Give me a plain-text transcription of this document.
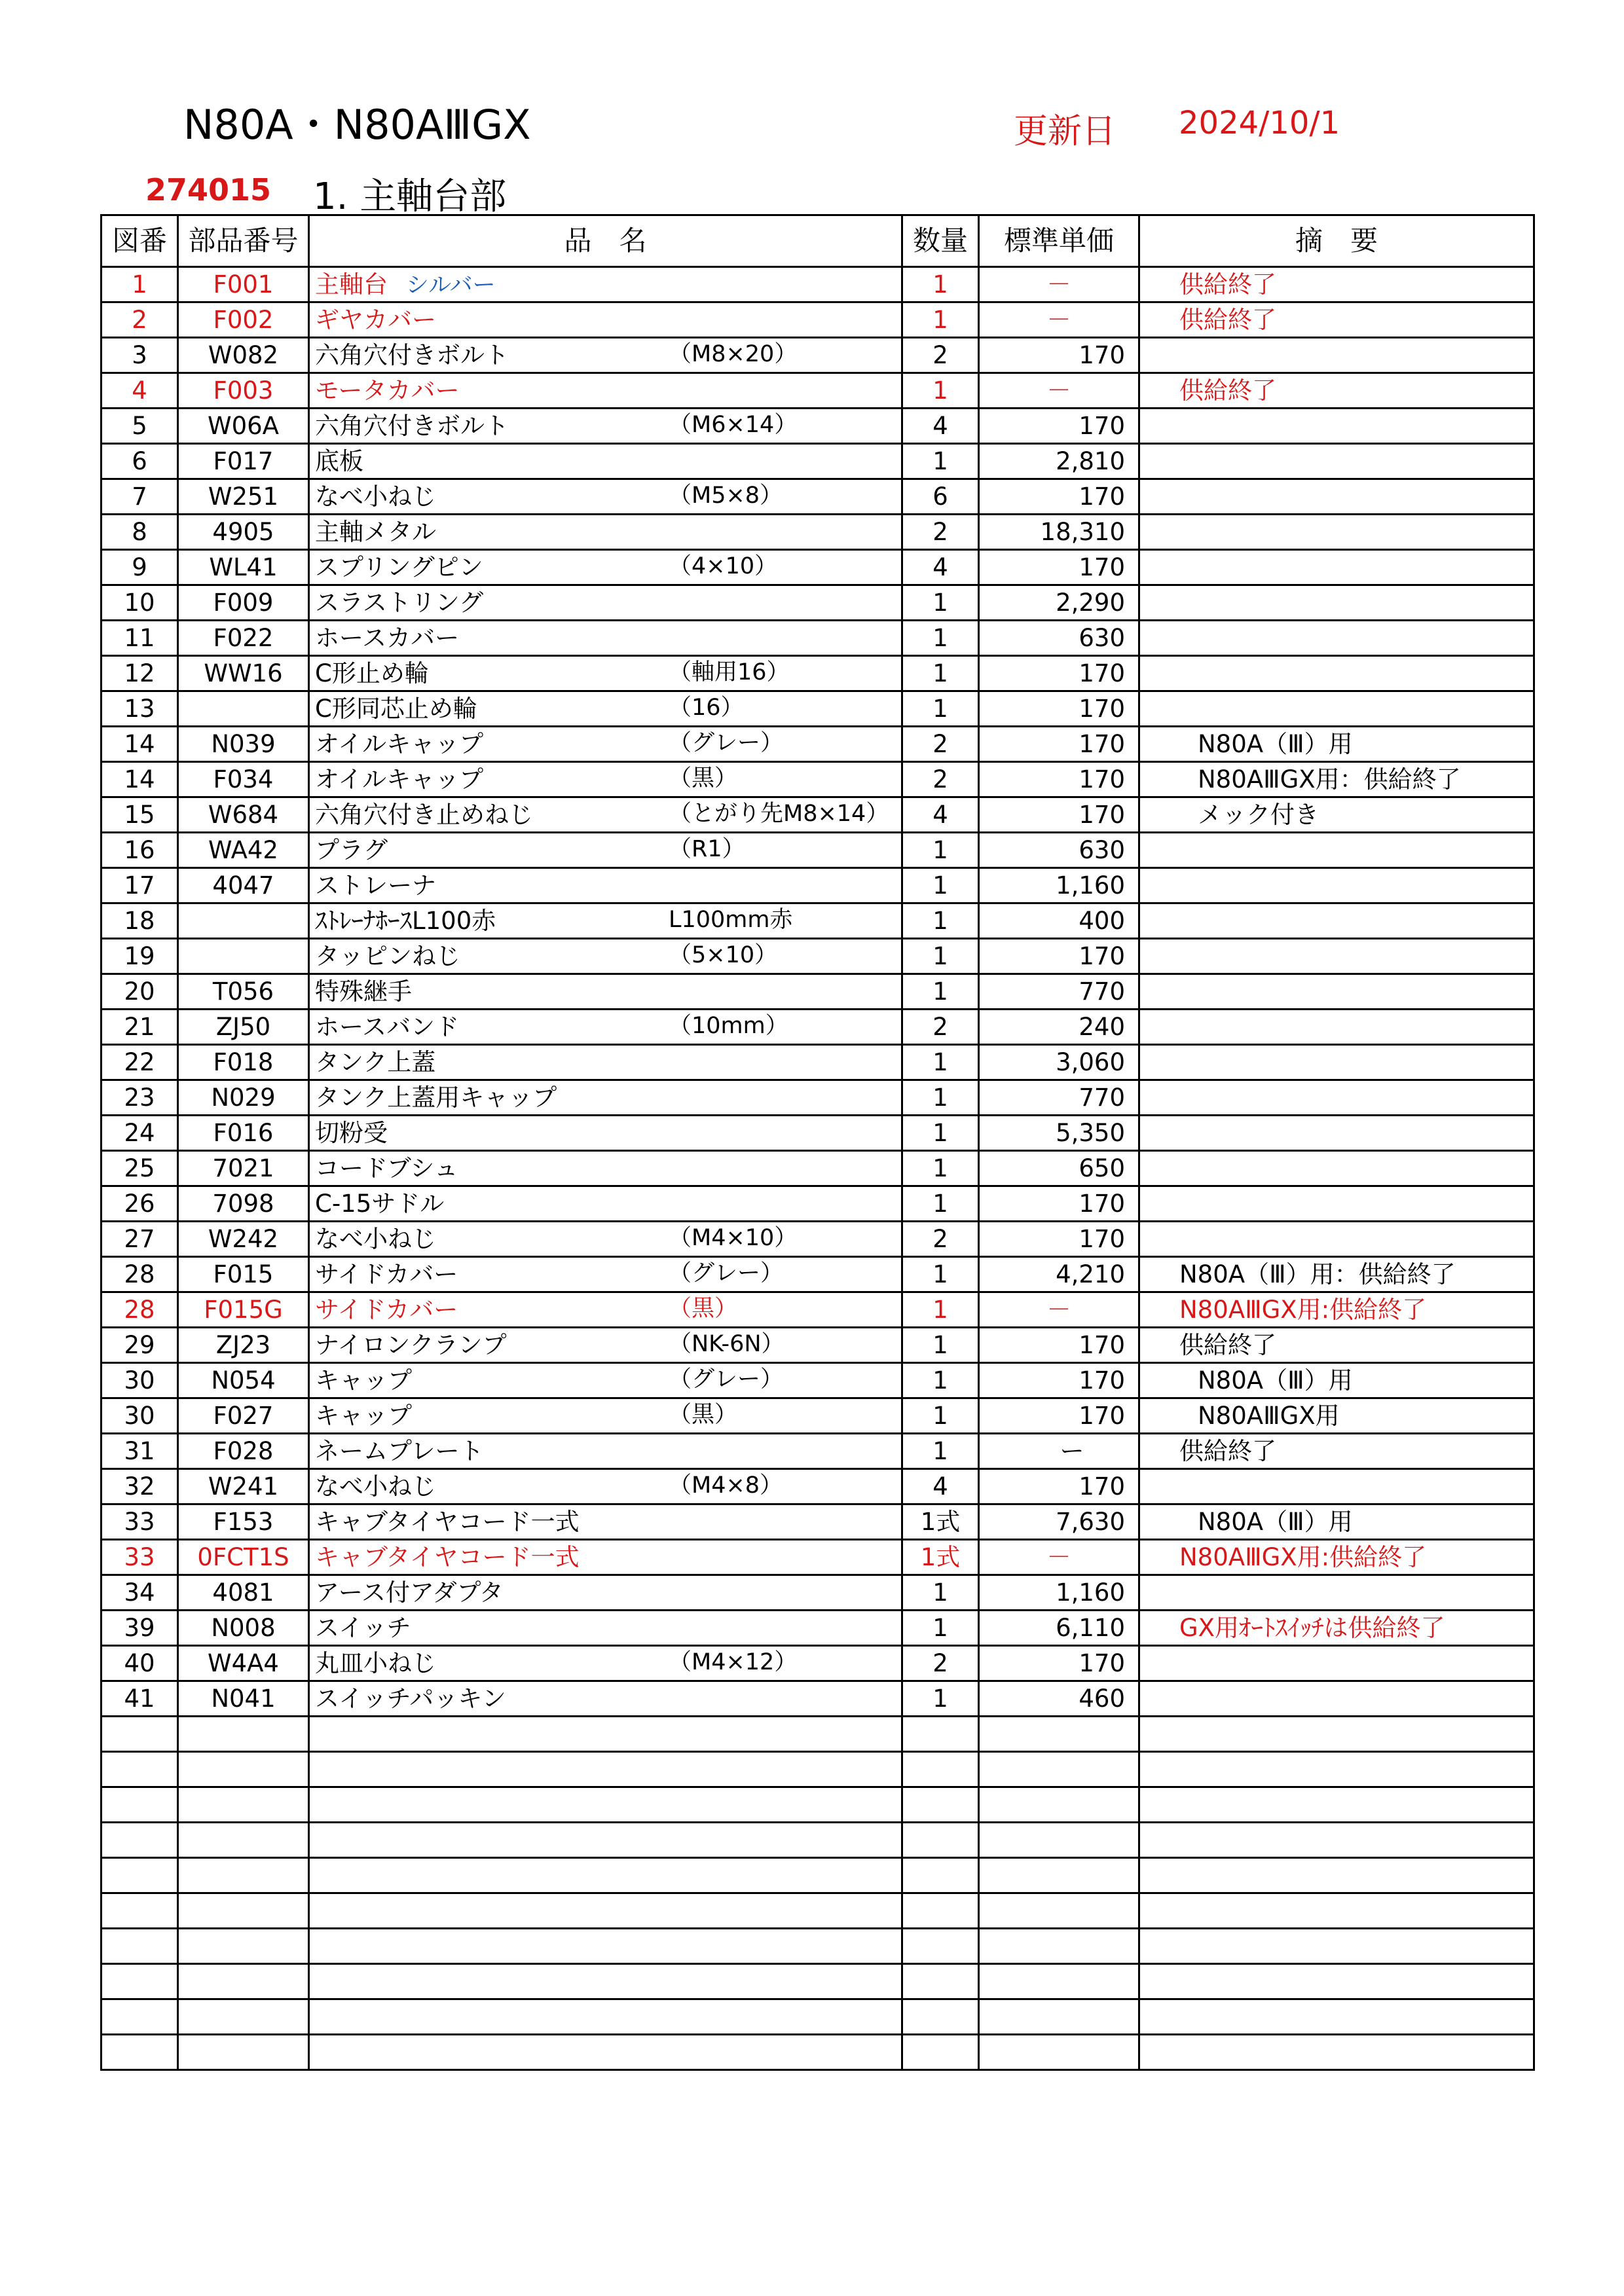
N80A・N80AⅢGX	更新日 2024/10/1
274015 1. 主軸台部
図番	部品番号	品　名	数量	標準単価	摘　要
1	F001	主軸台 シルバー	1	－	供給終了
2	F002	ギヤカバー	1	－	供給終了
3	W082	六角穴付きボルト （M8×20）	2	170	
4	F003	モータカバー	1	－	供給終了
5	W06A	六角穴付きボルト （M6×14）	4	170	
6	F017	底板	1	2,810	
7	W251	なべ小ねじ （M5×8）	6	170	
8	4905	主軸メタル	2	18,310	
9	WL41	スプリングピン （4×10）	4	170	
10	F009	スラストリング	1	2,290	
11	F022	ホースカバー	1	630	
12	WW16	C形止め輪 （軸用16）	1	170	
13		C形同芯止め輪 （16）	1	170	
14	N039	オイルキャップ （グレー）	2	170	N80A（Ⅲ）用
14	F034	オイルキャップ （黒）	2	170	N80AⅢGX用：供給終了
15	W684	六角穴付き止めねじ （とがり先M8×14）	4	170	メック付き
16	WA42	プラグ （R1）	1	630	
17	4047	ストレーナ	1	1,160	
18		ｽﾄﾚｰﾅﾎｰｽL100赤 L100mm赤	1	400	
19		タッピンねじ （5×10）	1	170	
20	T056	特殊継手	1	770	
21	ZJ50	ホースバンド （10mm）	2	240	
22	F018	タンク上蓋	1	3,060	
23	N029	タンク上蓋用キャップ	1	770	
24	F016	切粉受	1	5,350	
25	7021	コードブシュ	1	650	
26	7098	C-15サドル	1	170	
27	W242	なべ小ねじ （M4×10）	2	170	
28	F015	サイドカバー （グレー）	1	4,210	N80A（Ⅲ）用：供給終了
28	F015G	サイドカバー （黒）	1	－	N80AⅢGX用:供給終了
29	ZJ23	ナイロンクランプ （NK-6N）	1	170	供給終了
30	N054	キャップ （グレー）	1	170	N80A（Ⅲ）用
30	F027	キャップ （黒）	1	170	N80AⅢGX用
31	F028	ネームプレート	1	ー	供給終了
32	W241	なべ小ねじ （M4×8）	4	170	
33	F153	キャブタイヤコード一式	1式	7,630	N80A（Ⅲ）用
33	0FCT1S	キャブタイヤコード一式	1式	－	N80AⅢGX用:供給終了
34	4081	アース付アダプタ	1	1,160	
39	N008	スイッチ	1	6,110	GX用ｵｰﾄｽｲｯﾁは供給終了
40	W4A4	丸皿小ねじ （M4×12）	2	170	
41	N041	スイッチパッキン	1	460	
